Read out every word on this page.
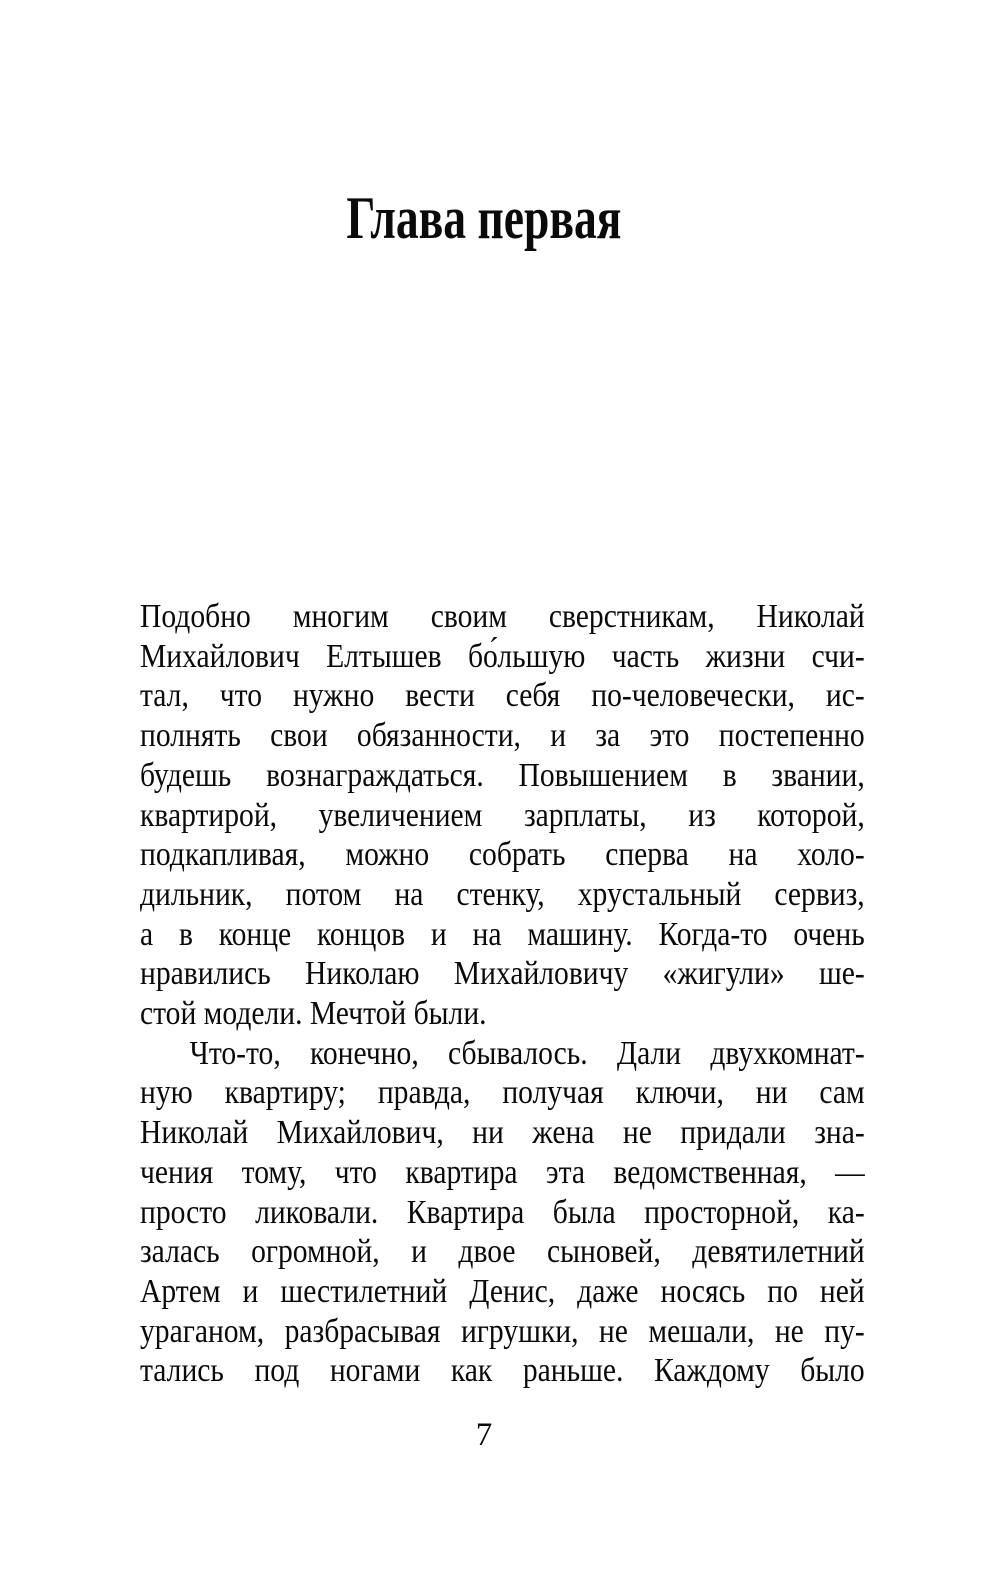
Глава первая
Подобно многим своим сверстникам, Николай
Михайлович Елтышев бо́льшую часть жизни счи-
тал, что нужно вести себя по-человечески, ис-
полнять свои обязанности, и за это постепенно
будешь вознаграждаться. Повышением в звании,
квартирой, увеличением зарплаты, из которой,
подкапливая, можно собрать сперва на холо-
дильник, потом на стенку, хрустальный сервиз,
а в конце концов и на машину. Когда-то очень
нравились Николаю Михайловичу «жигули» ше-
стой модели. Мечтой были.
Что-то, конечно, сбывалось. Дали двухкомнат-
ную квартиру; правда, получая ключи, ни сам
Николай Михайлович, ни жена не придали зна-
чения тому, что квартира эта ведомственная, —
просто ликовали. Квартира была просторной, ка-
залась огромной, и двое сыновей, девятилетний
Артем и шестилетний Денис, даже носясь по ней
ураганом, разбрасывая игрушки, не мешали, не пу-
тались под ногами как раньше. Каждому было
7
